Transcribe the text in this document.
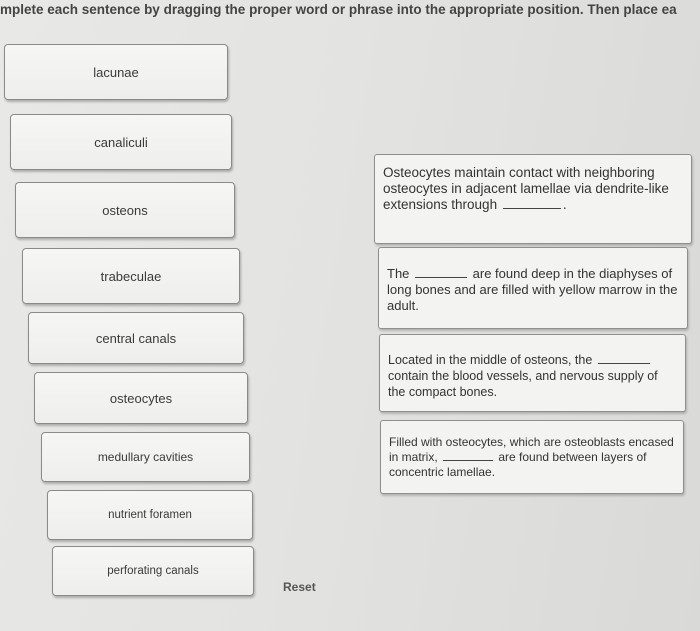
mplete each sentence by dragging the proper word or phrase into the appropriate position. Then place ea
lacunae
canaliculi
osteons
trabeculae
central canals
osteocytes
medullary cavities
nutrient foramen
perforating canals
Osteocytes maintain contact with neighboring osteocytes in adjacent lamellae via dendrite-like extensions through	.
The	are found deep in the diaphyses of long bones and are filled with yellow marrow in the adult.
Located in the middle of osteons, the  contain the blood vessels, and nervous supply of the compact bones.
Filled with osteocytes, which are osteoblasts encased in matrix,	are found between layers of concentric lamellae.
Reset
